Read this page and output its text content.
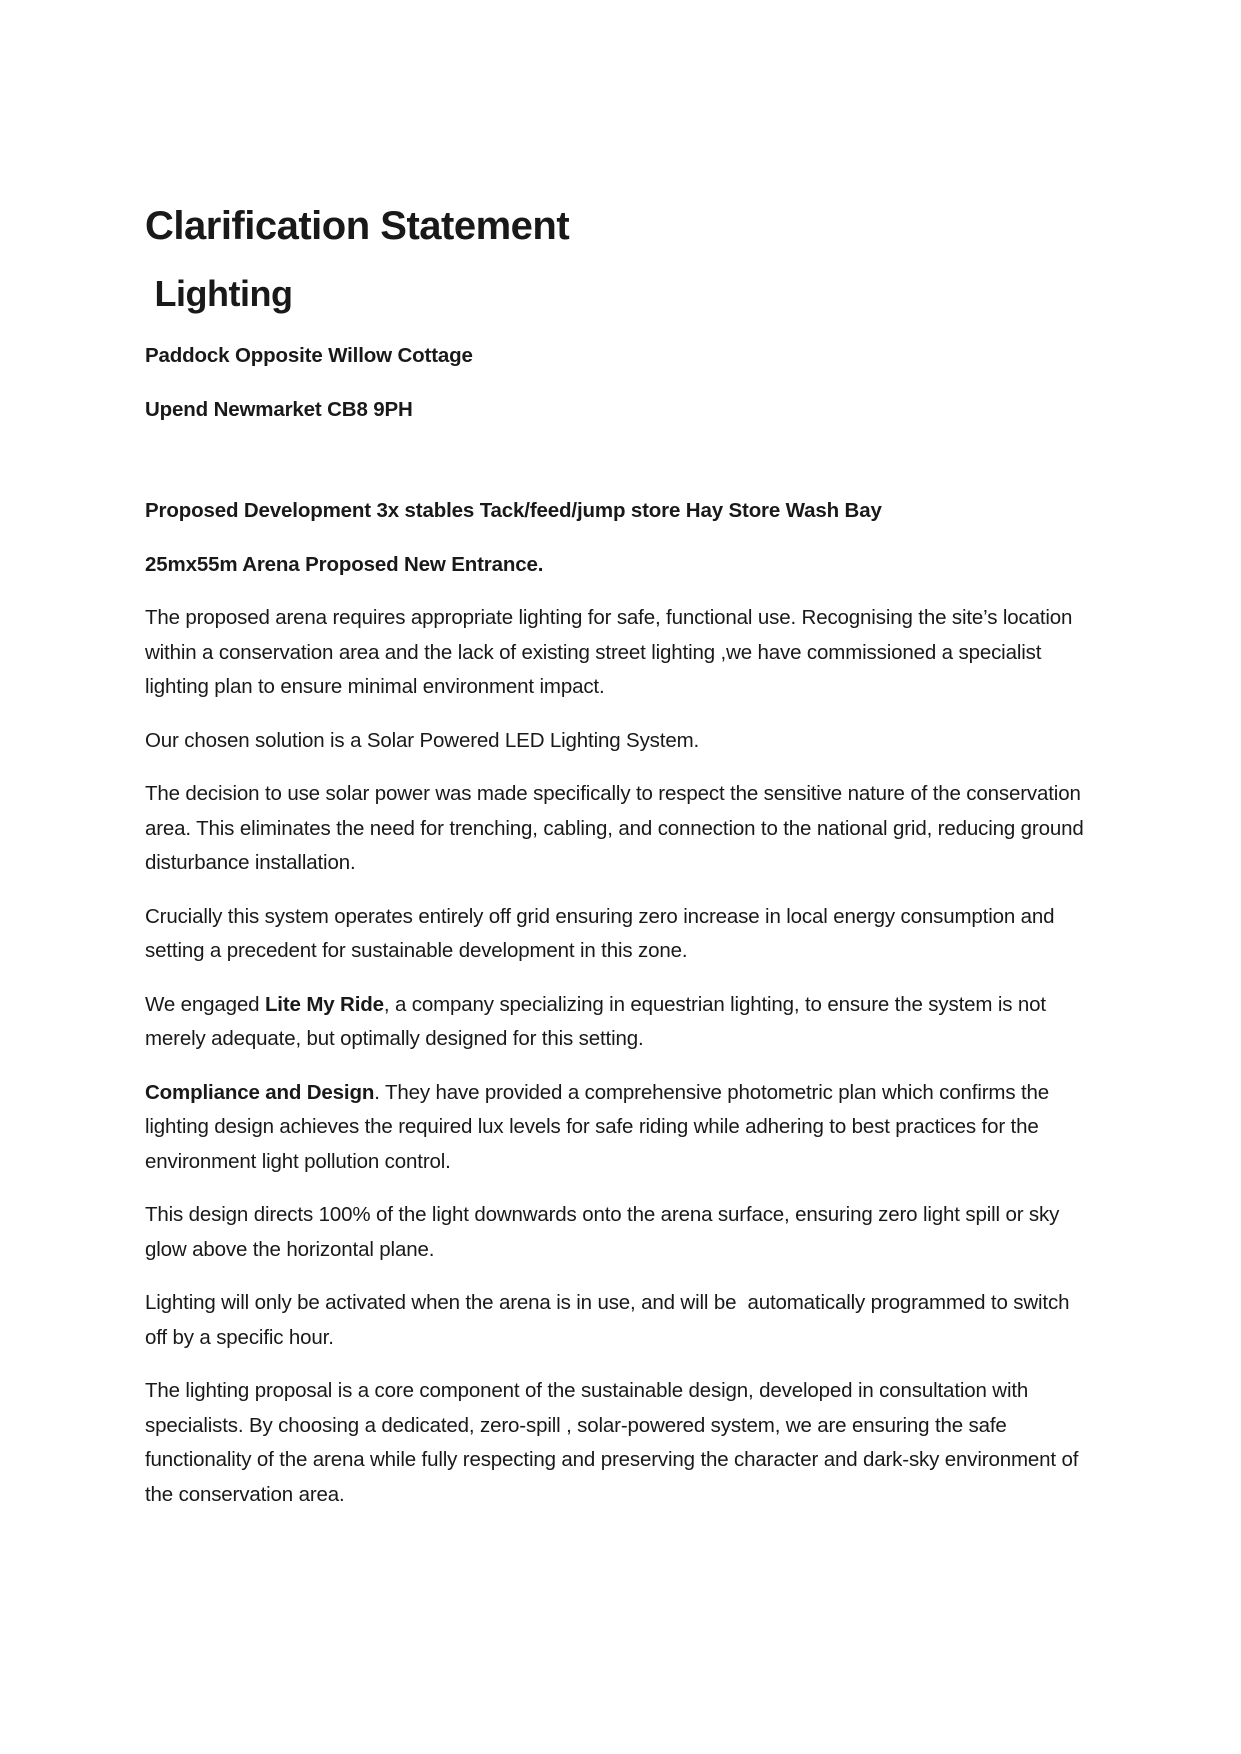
Clarification Statement
Lighting

Paddock Opposite Willow Cottage

Upend Newmarket CB8 9PH

Proposed Development 3x stables Tack/feed/jump store Hay Store Wash Bay

25mx55m Arena Proposed New Entrance.

The proposed arena requires appropriate lighting for safe, functional use. Recognising the site’s location within a conservation area and the lack of existing street lighting ,we have commissioned a specialist lighting plan to ensure minimal environment impact.

Our chosen solution is a Solar Powered LED Lighting System.

The decision to use solar power was made specifically to respect the sensitive nature of the conservation area. This eliminates the need for trenching, cabling, and connection to the national grid, reducing ground disturbance installation.

Crucially this system operates entirely off grid ensuring zero increase in local energy consumption and setting a precedent for sustainable development in this zone.

We engaged Lite My Ride, a company specializing in equestrian lighting, to ensure the system is not merely adequate, but optimally designed for this setting.

Compliance and Design. They have provided a comprehensive photometric plan which confirms the lighting design achieves the required lux levels for safe riding while adhering to best practices for the environment light pollution control.

This design directs 100% of the light downwards onto the arena surface, ensuring zero light spill or sky glow above the horizontal plane.

Lighting will only be activated when the arena is in use, and will be  automatically programmed to switch off by a specific hour.

The lighting proposal is a core component of the sustainable design, developed in consultation with specialists. By choosing a dedicated, zero-spill , solar-powered system, we are ensuring the safe functionality of the arena while fully respecting and preserving the character and dark-sky environment of the conservation area.
